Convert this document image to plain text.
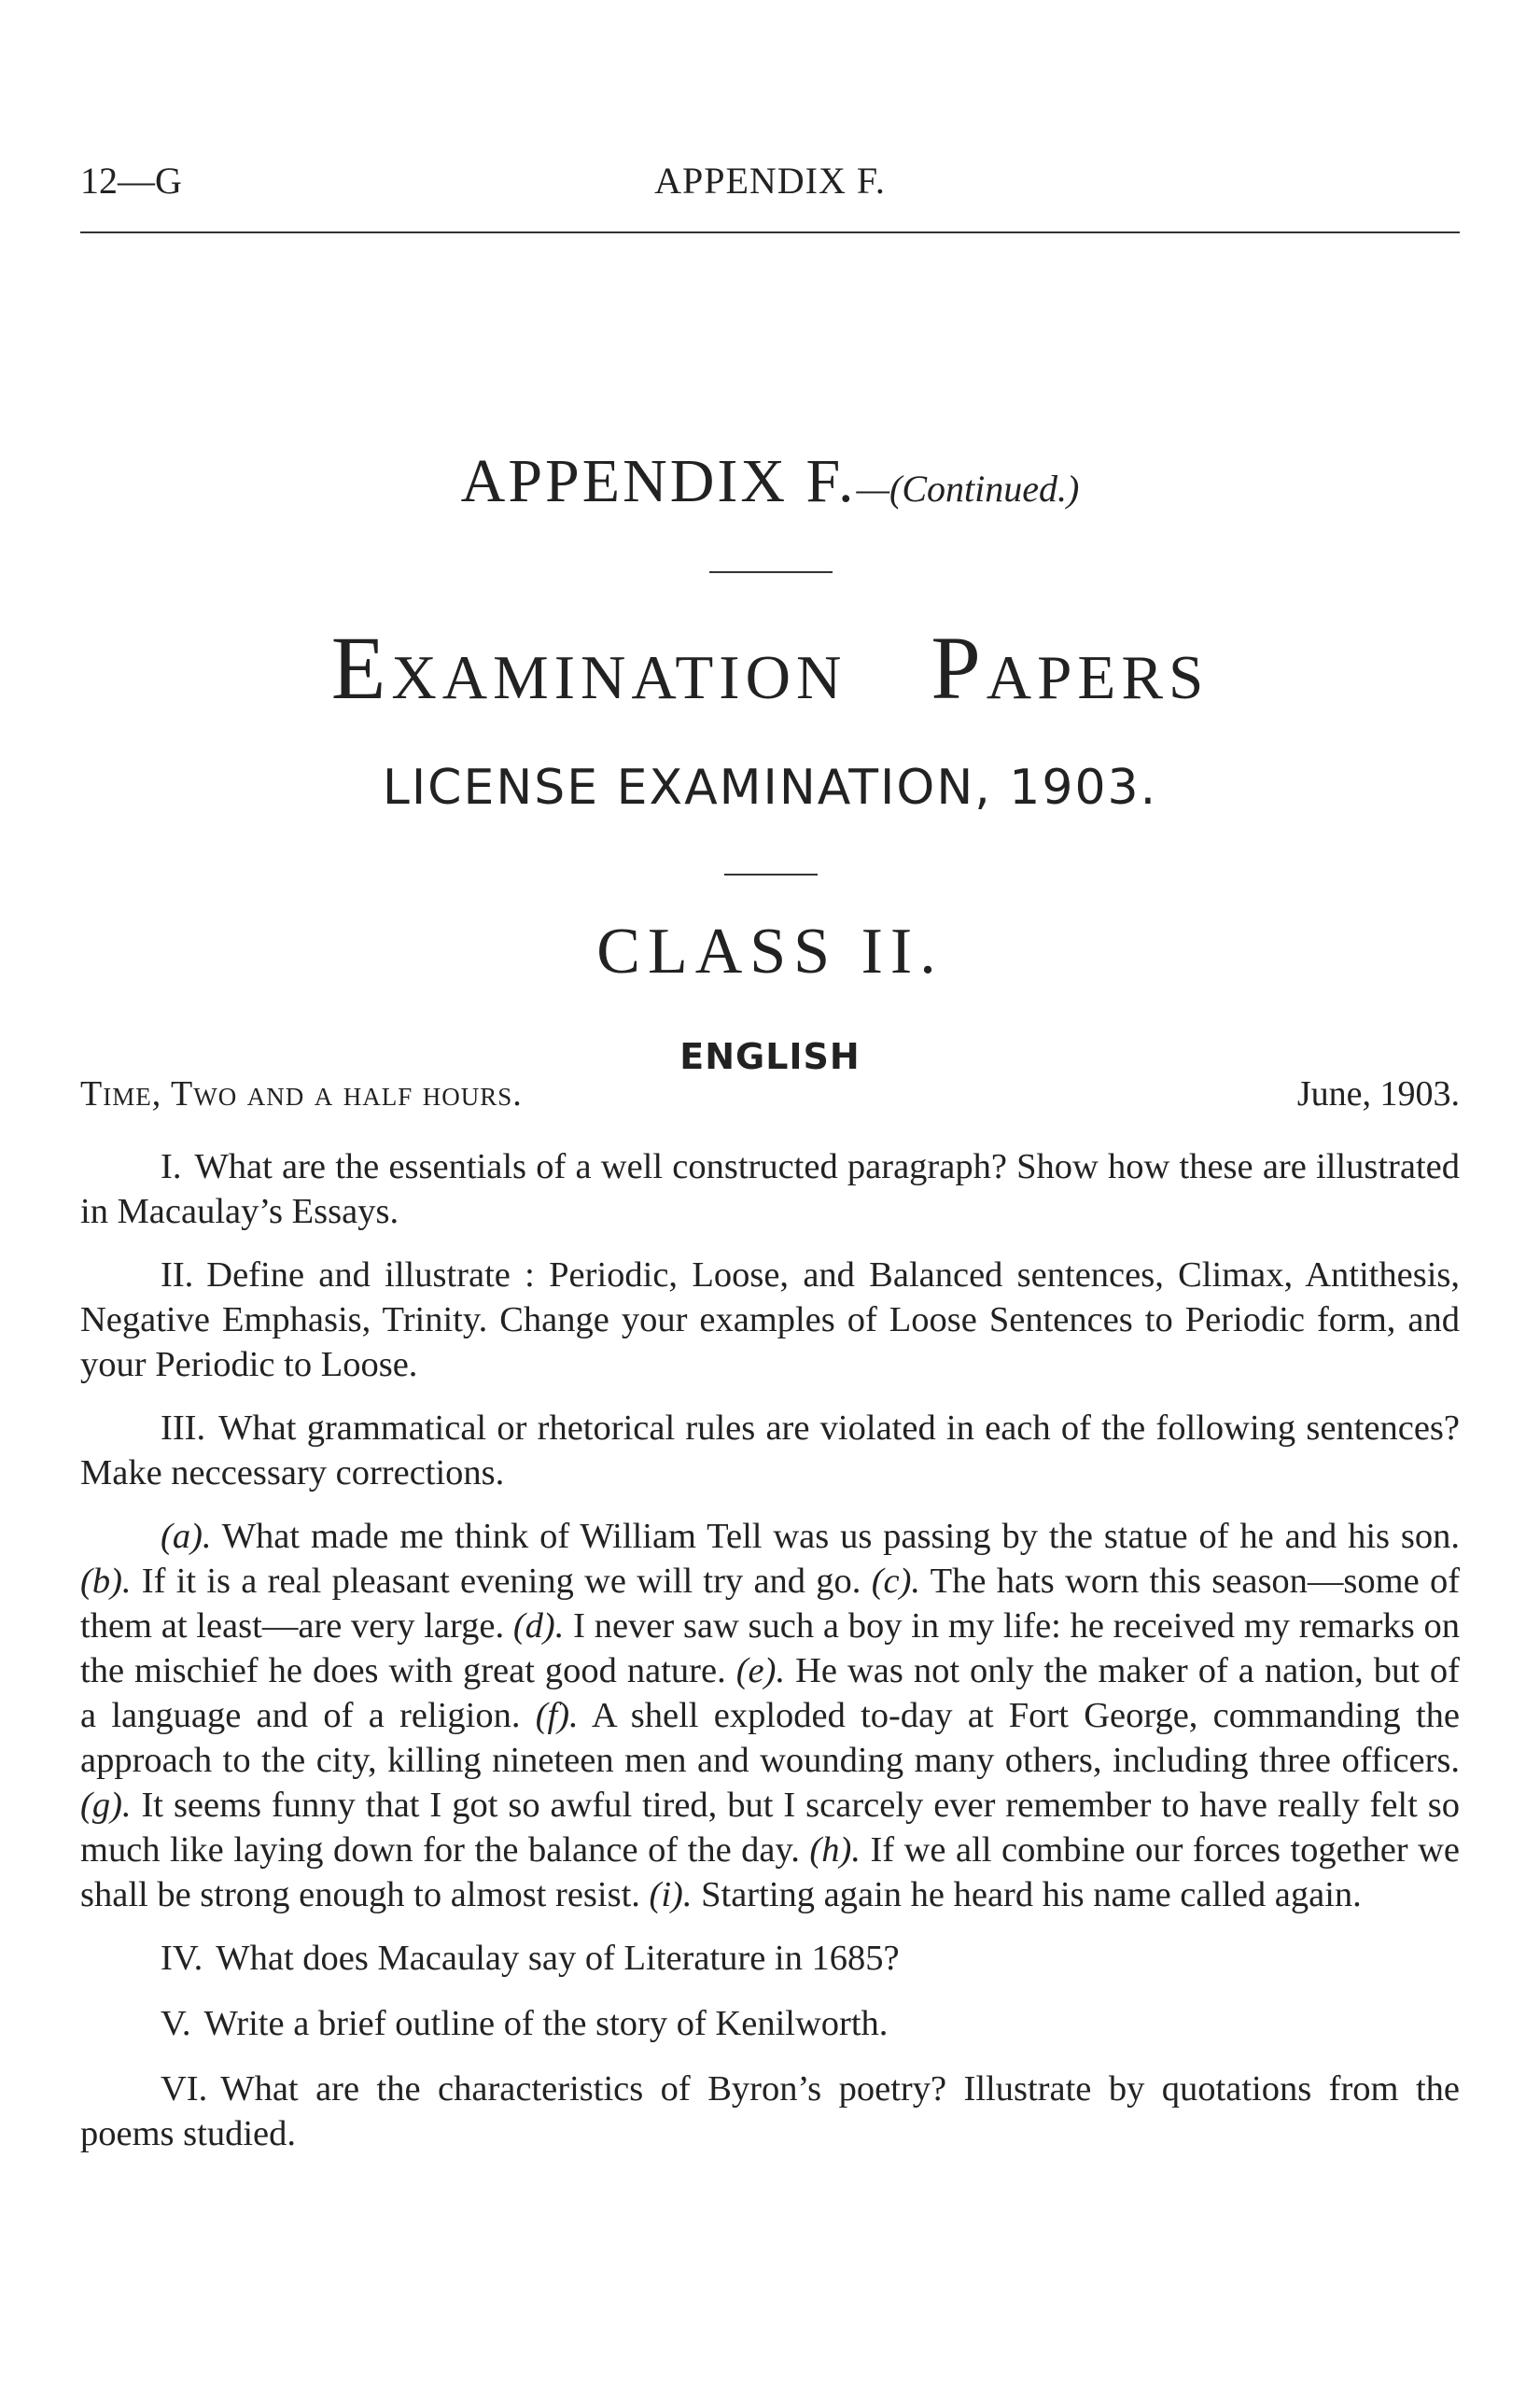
12—G	APPENDIX F.
APPENDIX F.—(Continued.)
Examination Papers
LICENSE EXAMINATION, 1903.
CLASS II.
ENGLISH
Time, Two and a half hours.	June, 1903.

I. What are the essentials of a well constructed paragraph? Show how these are illustrated in Macaulay’s Essays.

II. Define and illustrate : Periodic, Loose, and Balanced sentences, Climax, Antithesis, Negative Emphasis, Trinity. Change your examples of Loose Sentences to Periodic form, and your Periodic to Loose.

III. What grammatical or rhetorical rules are violated in each of the following sentences? Make neccessary corrections.

(a). What made me think of William Tell was us passing by the statue of he and his son. (b). If it is a real pleasant evening we will try and go. (c). The hats worn this season—some of them at least—are very large. (d). I never saw such a boy in my life: he received my remarks on the mischief he does with great good nature. (e). He was not only the maker of a nation, but of a language and of a religion. (f). A shell exploded to-day at Fort George, commanding the approach to the city, killing nineteen men and wounding many others, including three officers. (g). It seems funny that I got so awful tired, but I scarcely ever remember to have really felt so much like laying down for the balance of the day. (h). If we all combine our forces together we shall be strong enough to almost resist. (i). Starting again he heard his name called again.

IV. What does Macaulay say of Literature in 1685?

V. Write a brief outline of the story of Kenilworth.

VI. What are the characteristics of Byron’s poetry? Illustrate by quotations from the poems studied.
